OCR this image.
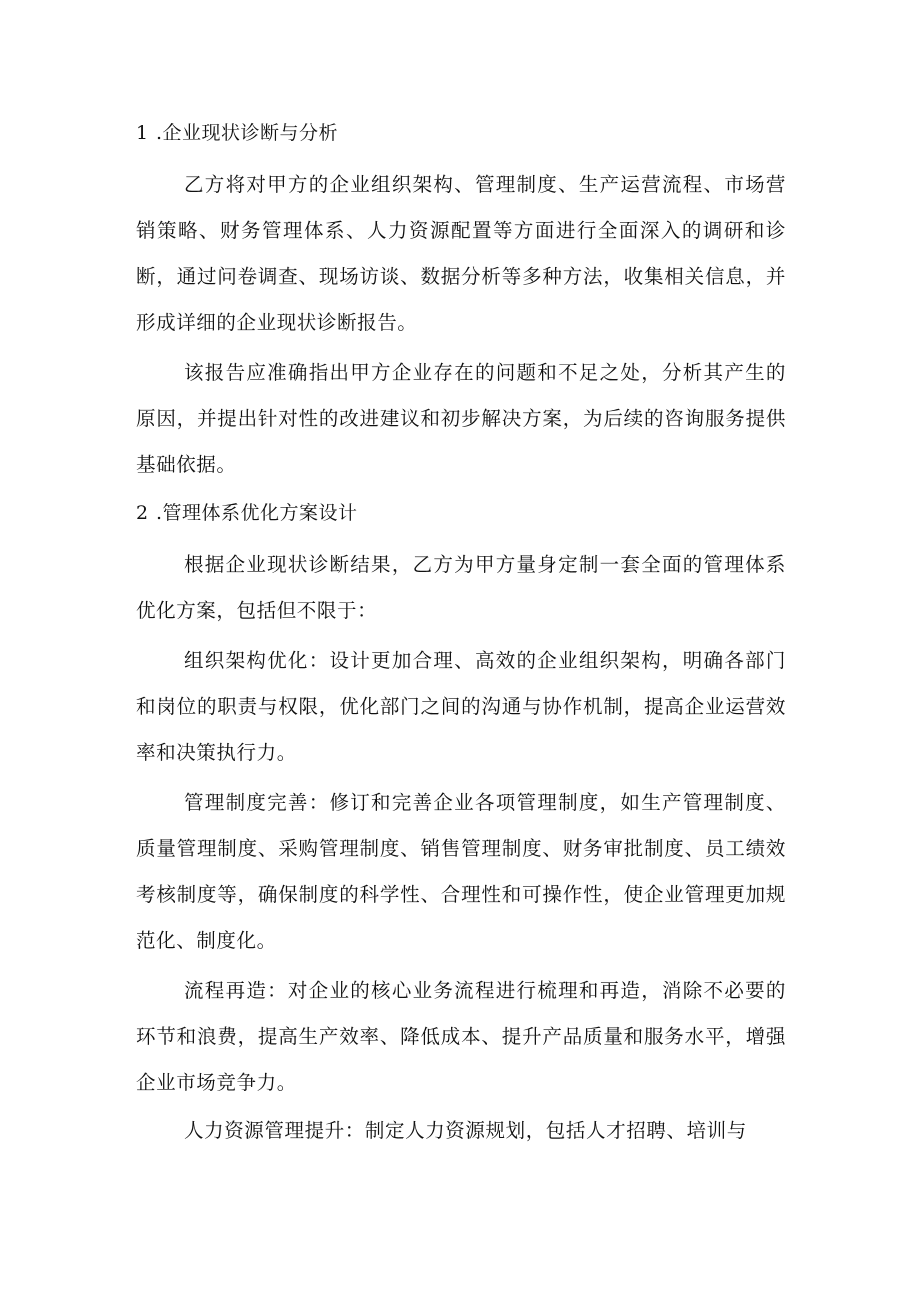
1 .企业现状诊断与分析

乙方将对甲方的企业组织架构、管理制度、生产运营流程、市场营销策略、财务管理体系、人力资源配置等方面进行全面深入的调研和诊断，通过问卷调查、现场访谈、数据分析等多种方法，收集相关信息，并形成详细的企业现状诊断报告。

该报告应准确指出甲方企业存在的问题和不足之处，分析其产生的原因，并提出针对性的改进建议和初步解决方案，为后续的咨询服务提供基础依据。

2 .管理体系优化方案设计

根据企业现状诊断结果，乙方为甲方量身定制一套全面的管理体系优化方案，包括但不限于：

组织架构优化：设计更加合理、高效的企业组织架构，明确各部门和岗位的职责与权限，优化部门之间的沟通与协作机制，提高企业运营效率和决策执行力。

管理制度完善：修订和完善企业各项管理制度，如生产管理制度、质量管理制度、采购管理制度、销售管理制度、财务审批制度、员工绩效考核制度等，确保制度的科学性、合理性和可操作性，使企业管理更加规范化、制度化。

流程再造：对企业的核心业务流程进行梳理和再造，消除不必要的环节和浪费，提高生产效率、降低成本、提升产品质量和服务水平，增强企业市场竞争力。

人力资源管理提升：制定人力资源规划，包括人才招聘、培训与
